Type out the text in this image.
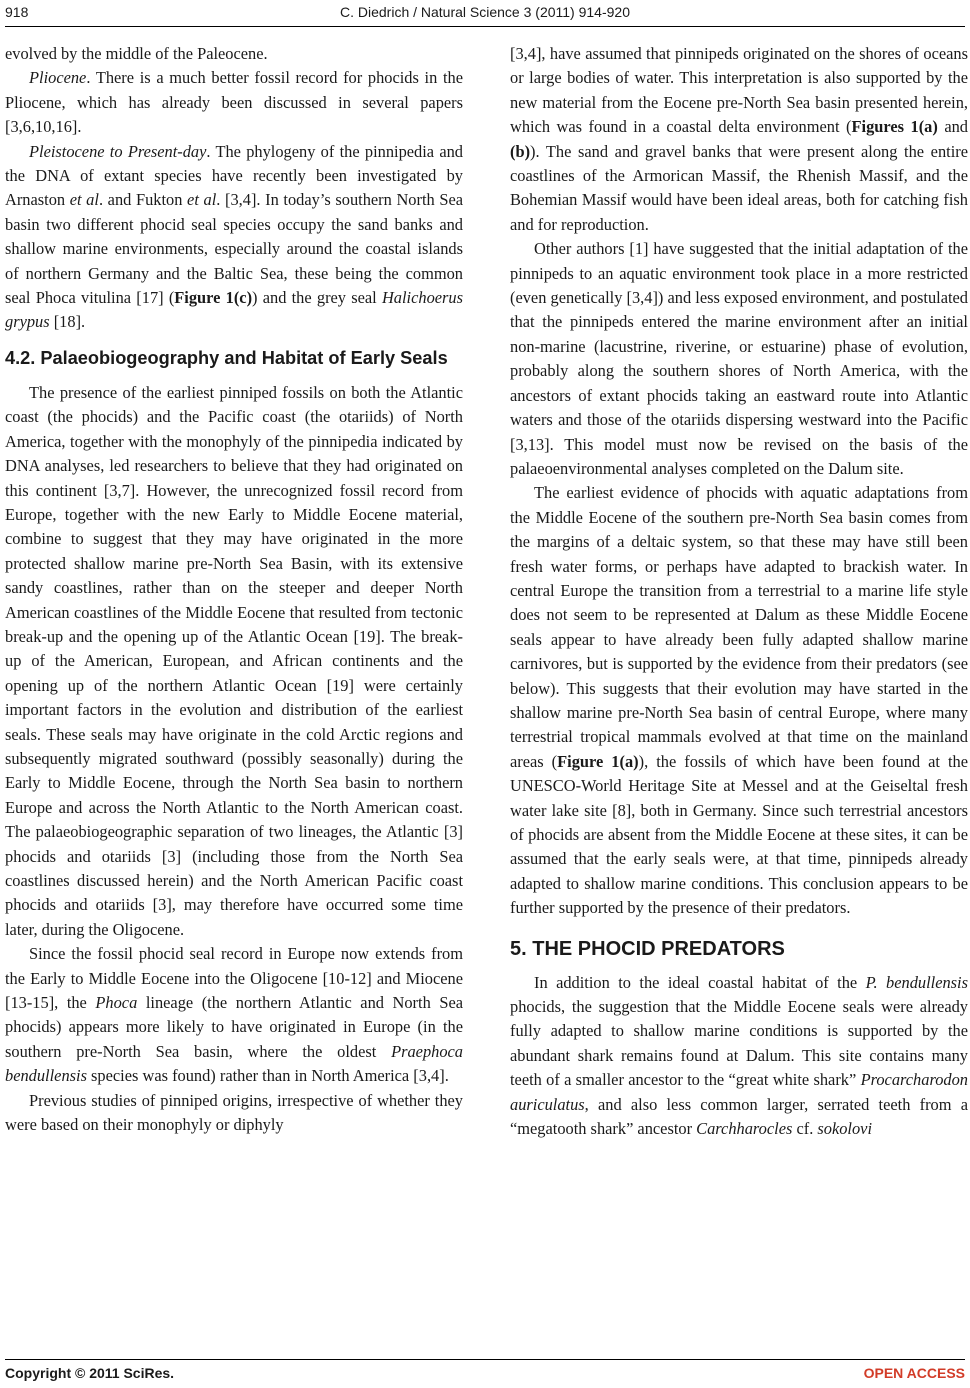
918	C. Diedrich / Natural Science 3 (2011) 914-920

evolved by the middle of the Paleocene.

Pliocene. There is a much better fossil record for phocids in the Pliocene, which has already been discussed in several papers [3,6,10,16].

Pleistocene to Present-day. The phylogeny of the pinnipedia and the DNA of extant species have recently been investigated by Arnaston et al. and Fukton et al. [3,4]. In today’s southern North Sea basin two different phocid seal species occupy the sand banks and shallow marine environments, especially around the coastal islands of northern Germany and the Baltic Sea, these being the common seal Phoca vitulina [17] (Figure 1(c)) and the grey seal Halichoerus grypus [18].

4.2. Palaeobiogeography and Habitat of Early Seals

The presence of the earliest pinniped fossils on both the Atlantic coast (the phocids) and the Pacific coast (the otariids) of North America, together with the monophyly of the pinnipedia indicated by DNA analyses, led researchers to believe that they had originated on this continent [3,7]. However, the unrecognized fossil record from Europe, together with the new Early to Middle Eocene material, combine to suggest that they may have originated in the more protected shallow marine pre-North Sea Basin, with its extensive sandy coastlines, rather than on the steeper and deeper North American coastlines of the Middle Eocene that resulted from tectonic break-up and the opening up of the Atlantic Ocean [19]. The break-up of the American, European, and African continents and the opening up of the northern Atlantic Ocean [19] were certainly important factors in the evolution and distribution of the earliest seals. These seals may have originate in the cold Arctic regions and subsequently migrated southward (possibly seasonally) during the Early to Middle Eocene, through the North Sea basin to northern Europe and across the North Atlantic to the North American coast. The palaeobiogeographic separation of two lineages, the Atlantic [3] phocids and otariids [3] (including those from the North Sea coastlines discussed herein) and the North American Pacific coast phocids and otariids [3], may therefore have occurred some time later, during the Oligocene.

Since the fossil phocid seal record in Europe now extends from the Early to Middle Eocene into the Oligocene [10-12] and Miocene [13-15], the Phoca lineage (the northern Atlantic and North Sea phocids) appears more likely to have originated in Europe (in the southern pre-North Sea basin, where the oldest Praephoca bendullensis species was found) rather than in North America [3,4].

Previous studies of pinniped origins, irrespective of whether they were based on their monophyly or diphyly

[3,4], have assumed that pinnipeds originated on the shores of oceans or large bodies of water. This interpretation is also supported by the new material from the Eocene pre-North Sea basin presented herein, which was found in a coastal delta environment (Figures 1(a) and (b)). The sand and gravel banks that were present along the entire coastlines of the Armorican Massif, the Rhenish Massif, and the Bohemian Massif would have been ideal areas, both for catching fish and for reproduction.

Other authors [1] have suggested that the initial adaptation of the pinnipeds to an aquatic environment took place in a more restricted (even genetically [3,4]) and less exposed environment, and postulated that the pinnipeds entered the marine environment after an initial non-marine (lacustrine, riverine, or estuarine) phase of evolution, probably along the southern shores of North America, with the ancestors of extant phocids taking an eastward route into Atlantic waters and those of the otariids dispersing westward into the Pacific [3,13]. This model must now be revised on the basis of the palaeoenvironmental analyses completed on the Dalum site.

The earliest evidence of phocids with aquatic adaptations from the Middle Eocene of the southern pre-North Sea basin comes from the margins of a deltaic system, so that these may have still been fresh water forms, or perhaps have adapted to brackish water. In central Europe the transition from a terrestrial to a marine life style does not seem to be represented at Dalum as these Middle Eocene seals appear to have already been fully adapted shallow marine carnivores, but is supported by the evidence from their predators (see below). This suggests that their evolution may have started in the shallow marine pre-North Sea basin of central Europe, where many terrestrial tropical mammals evolved at that time on the mainland areas (Figure 1(a)), the fossils of which have been found at the UNESCO-World Heritage Site at Messel and at the Geiseltal fresh water lake site [8], both in Germany. Since such terrestrial ancestors of phocids are absent from the Middle Eocene at these sites, it can be assumed that the early seals were, at that time, pinnipeds already adapted to shallow marine conditions. This conclusion appears to be further supported by the presence of their predators.

5. THE PHOCID PREDATORS

In addition to the ideal coastal habitat of the P. bendullensis phocids, the suggestion that the Middle Eocene seals were already fully adapted to shallow marine conditions is supported by the abundant shark remains found at Dalum. This site contains many teeth of a smaller ancestor to the “great white shark” Procarcharodon auriculatus, and also less common larger, serrated teeth from a “megatooth shark” ancestor Carchharocles cf. sokolovi

Copyright © 2011 SciRes.	OPEN ACCESS
